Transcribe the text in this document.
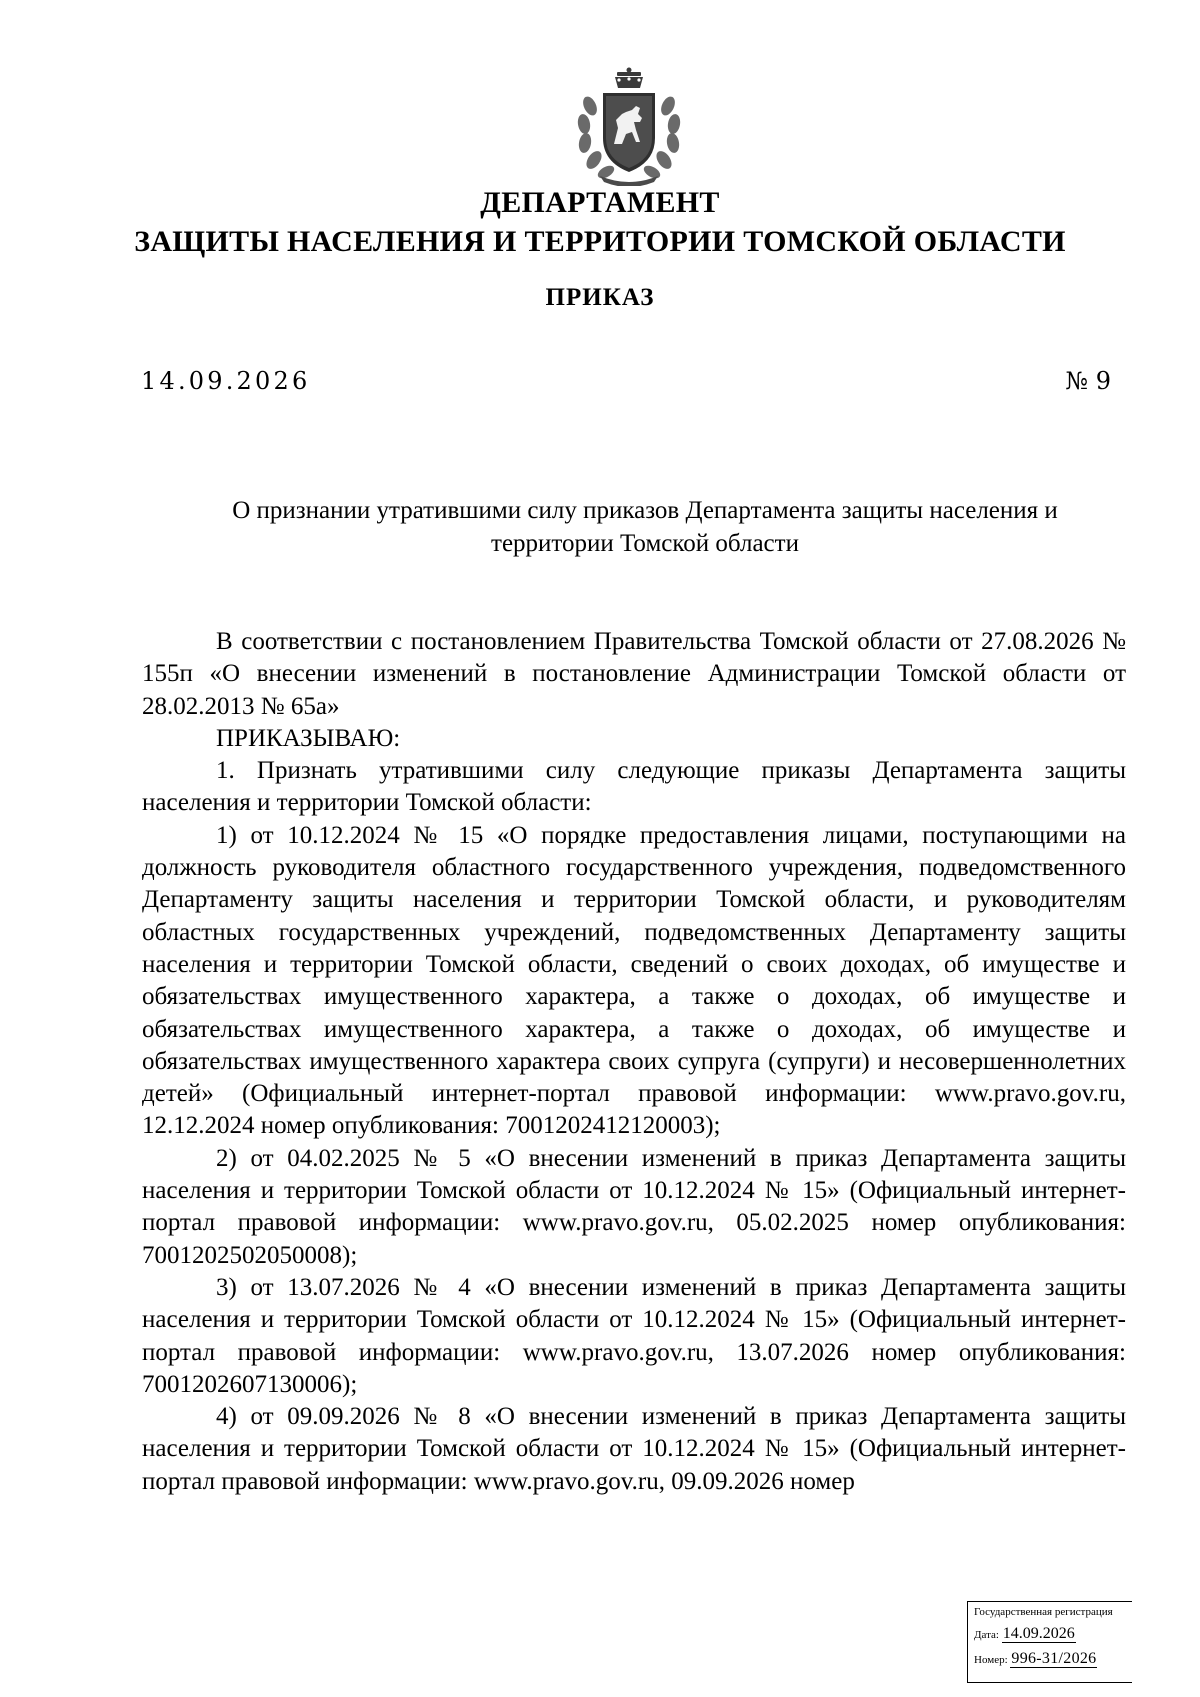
ДЕПАРТАМЕНТ
ЗАЩИТЫ НАСЕЛЕНИЯ И ТЕРРИТОРИИ ТОМСКОЙ ОБЛАСТИ
ПРИКАЗ
14.09.2026	№ 9
О признании утратившими силу приказов Департамента защиты населения и территории Томской области

В соответствии с постановлением Правительства Томской области от 27.08.2026 № 155п «О внесении изменений в постановление Администрации Томской области от 28.02.2013 № 65а»

ПРИКАЗЫВАЮ:

1. Признать утратившими силу следующие приказы Департамента защиты населения и территории Томской области:

1) от 10.12.2024 № 15 «О порядке предоставления лицами, поступающими на должность руководителя областного государственного учреждения, подведомственного Департаменту защиты населения и территории Томской области, и руководителям областных государственных учреждений, подведомственных Департаменту защиты населения и территории Томской области, сведений о своих доходах, об имуществе и обязательствах имущественного характера, а также о доходах, об имуществе и обязательствах имущественного характера, а также о доходах, об имуществе и обязательствах имущественного характера своих супруга (супруги) и несовершеннолетних детей» (Официальный интернет-портал правовой информации: www.pravo.gov.ru, 12.12.2024 номер опубликования: 7001202412120003);

2) от 04.02.2025 № 5 «О внесении изменений в приказ Департамента защиты населения и территории Томской области от 10.12.2024 № 15» (Официальный интернет-портал правовой информации: www.pravo.gov.ru, 05.02.2025 номер опубликования: 7001202502050008);

3) от 13.07.2026 № 4 «О внесении изменений в приказ Департамента защиты населения и территории Томской области от 10.12.2024 № 15» (Официальный интернет-портал правовой информации: www.pravo.gov.ru, 13.07.2026 номер опубликования: 7001202607130006);

4) от 09.09.2026 № 8 «О внесении изменений в приказ Департамента защиты населения и территории Томской области от 10.12.2024 № 15» (Официальный интернет-портал правовой информации: www.pravo.gov.ru, 09.09.2026 номер

Государственная регистрация
Дата: 14.09.2026
Номер: 996-31/2026
